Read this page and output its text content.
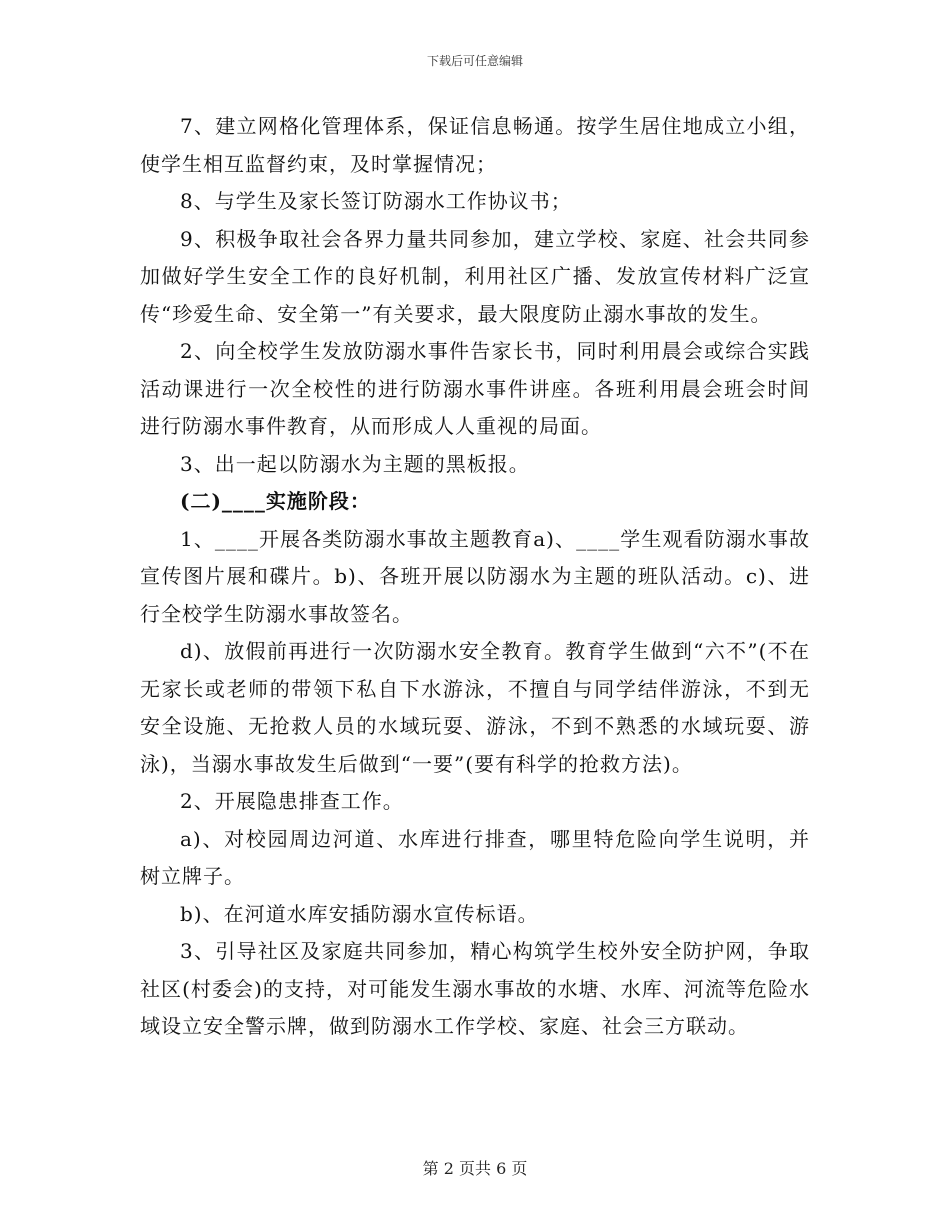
下载后可任意编辑

7、建立网格化管理体系，保证信息畅通。按学生居住地成立小组，使学生相互监督约束，及时掌握情况；

8、与学生及家长签订防溺水工作协议书；

9、积极争取社会各界力量共同参加，建立学校、家庭、社会共同参加做好学生安全工作的良好机制，利用社区广播、发放宣传材料广泛宣传“珍爱生命、安全第一”有关要求，最大限度防止溺水事故的发生。

2、向全校学生发放防溺水事件告家长书，同时利用晨会或综合实践活动课进行一次全校性的进行防溺水事件讲座。各班利用晨会班会时间进行防溺水事件教育，从而形成人人重视的局面。

3、出一起以防溺水为主题的黑板报。

(二)____实施阶段：

1、____开展各类防溺水事故主题教育a)、____学生观看防溺水事故宣传图片展和碟片。b)、各班开展以防溺水为主题的班队活动。c)、进行全校学生防溺水事故签名。

d)、放假前再进行一次防溺水安全教育。教育学生做到“六不”(不在无家长或老师的带领下私自下水游泳，不擅自与同学结伴游泳，不到无安全设施、无抢救人员的水域玩耍、游泳，不到不熟悉的水域玩耍、游泳)，当溺水事故发生后做到“一要”(要有科学的抢救方法)。

2、开展隐患排查工作。

a)、对校园周边河道、水库进行排查，哪里特危险向学生说明，并树立牌子。

b)、在河道水库安插防溺水宣传标语。

3、引导社区及家庭共同参加，精心构筑学生校外安全防护网，争取社区(村委会)的支持，对可能发生溺水事故的水塘、水库、河流等危险水域设立安全警示牌，做到防溺水工作学校、家庭、社会三方联动。

第 2 页共 6 页
